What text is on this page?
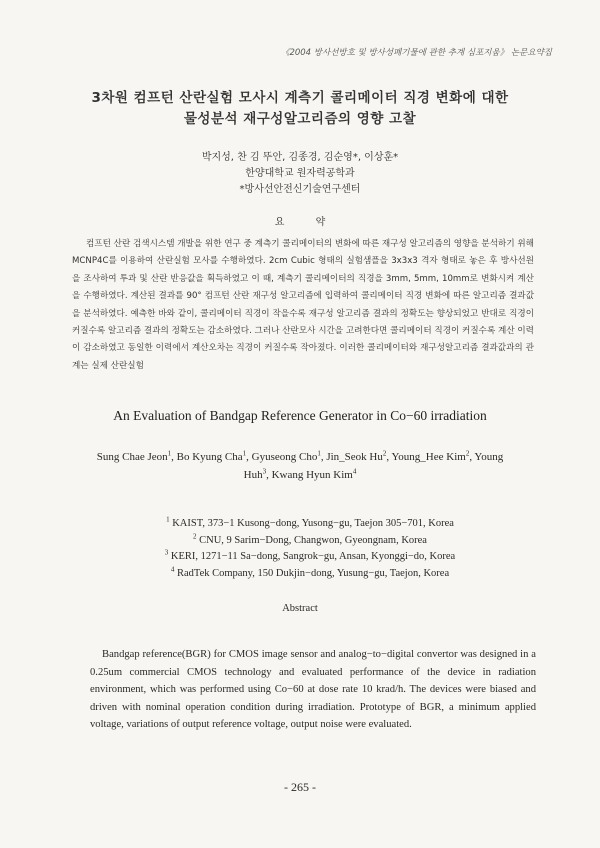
《2004 방사선방호 및 방사성폐기물에 관한 추계 심포지움》 논문요약집
3차원 컴프턴 산란실험 모사시 계측기 콜리메이터 직경 변화에 대한
물성분석 재구성알고리즘의 영향 고찰
박지성, 찬 김 뚜안, 김종경, 김순영*, 이상훈*
한양대학교 원자력공학과
*방사선안전신기술연구센터
요 약
컴프턴 산란 검색시스템 개발을 위한 연구 중 계측기 콜리메이터의 변화에 따른 재구성 알고리즘의 영향을 분석하기 위해 MCNP4C를 이용하여 산란실험 모사를 수행하였다. 2cm Cubic 형태의 실험샘플을 3x3x3 격자 형태로 놓은 후 방사선원을 조사하여 투과 및 산란 반응값을 획득하였고 이 때, 계측기 콜리메이터의 직경을 3mm, 5mm, 10mm로 변화시켜 계산을 수행하였다. 계산된 결과를 90° 컴프턴 산란 재구성 알고리즘에 입력하여 콜리메이터 직경 변화에 따른 알고리즘 결과값을 분석하였다. 예측한 바와 같이, 콜리메이터 직경이 작을수록 재구성 알고리즘 결과의 정확도는 향상되었고 반대로 직경이 커질수록 알고리즘 결과의 정확도는 감소하였다. 그러나 산란모사 시간을 고려한다면 콜리메이터 직경이 커질수록 계산 이력이 감소하였고 동일한 이력에서 계산오차는 직경이 커질수록 작아졌다. 이러한 콜리메이터와 재구성알고리즘 결과값과의 관계는 실제 산란실험
An Evaluation of Bandgap Reference Generator in Co−60 irradiation
Sung Chae Jeon$^1$, Bo Kyung Cha$^1$, Gyuseong Cho$^1$, Jin_Seok Hu$^2$, Young_Hee Kim$^2$, Young Huh$^3$, Kwang Hyun Kim$^4$
$^1$ KAIST, 373−1 Kusong−dong, Yusong−gu, Taejon 305−701, Korea
$^2$ CNU, 9 Sarim−Dong, Changwon, Gyeongnam, Korea
$^3$ KERI, 1271−11 Sa−dong, Sangrok−gu, Ansan, Kyonggi−do, Korea
$^4$ RadTek Company, 150 Dukjin−dong, Yusung−gu, Taejon, Korea
Abstract
Bandgap reference(BGR) for CMOS image sensor and analog−to−digital convertor was designed in a 0.25um commercial CMOS technology and evaluated performance of the device in radiation environment, which was performed using Co−60 at dose rate 10 krad/h. The devices were biased and driven with nominal operation condition during irradiation. Prototype of BGR, a minimum applied voltage, variations of output reference voltage, output noise were evaluated.
- 265 -
